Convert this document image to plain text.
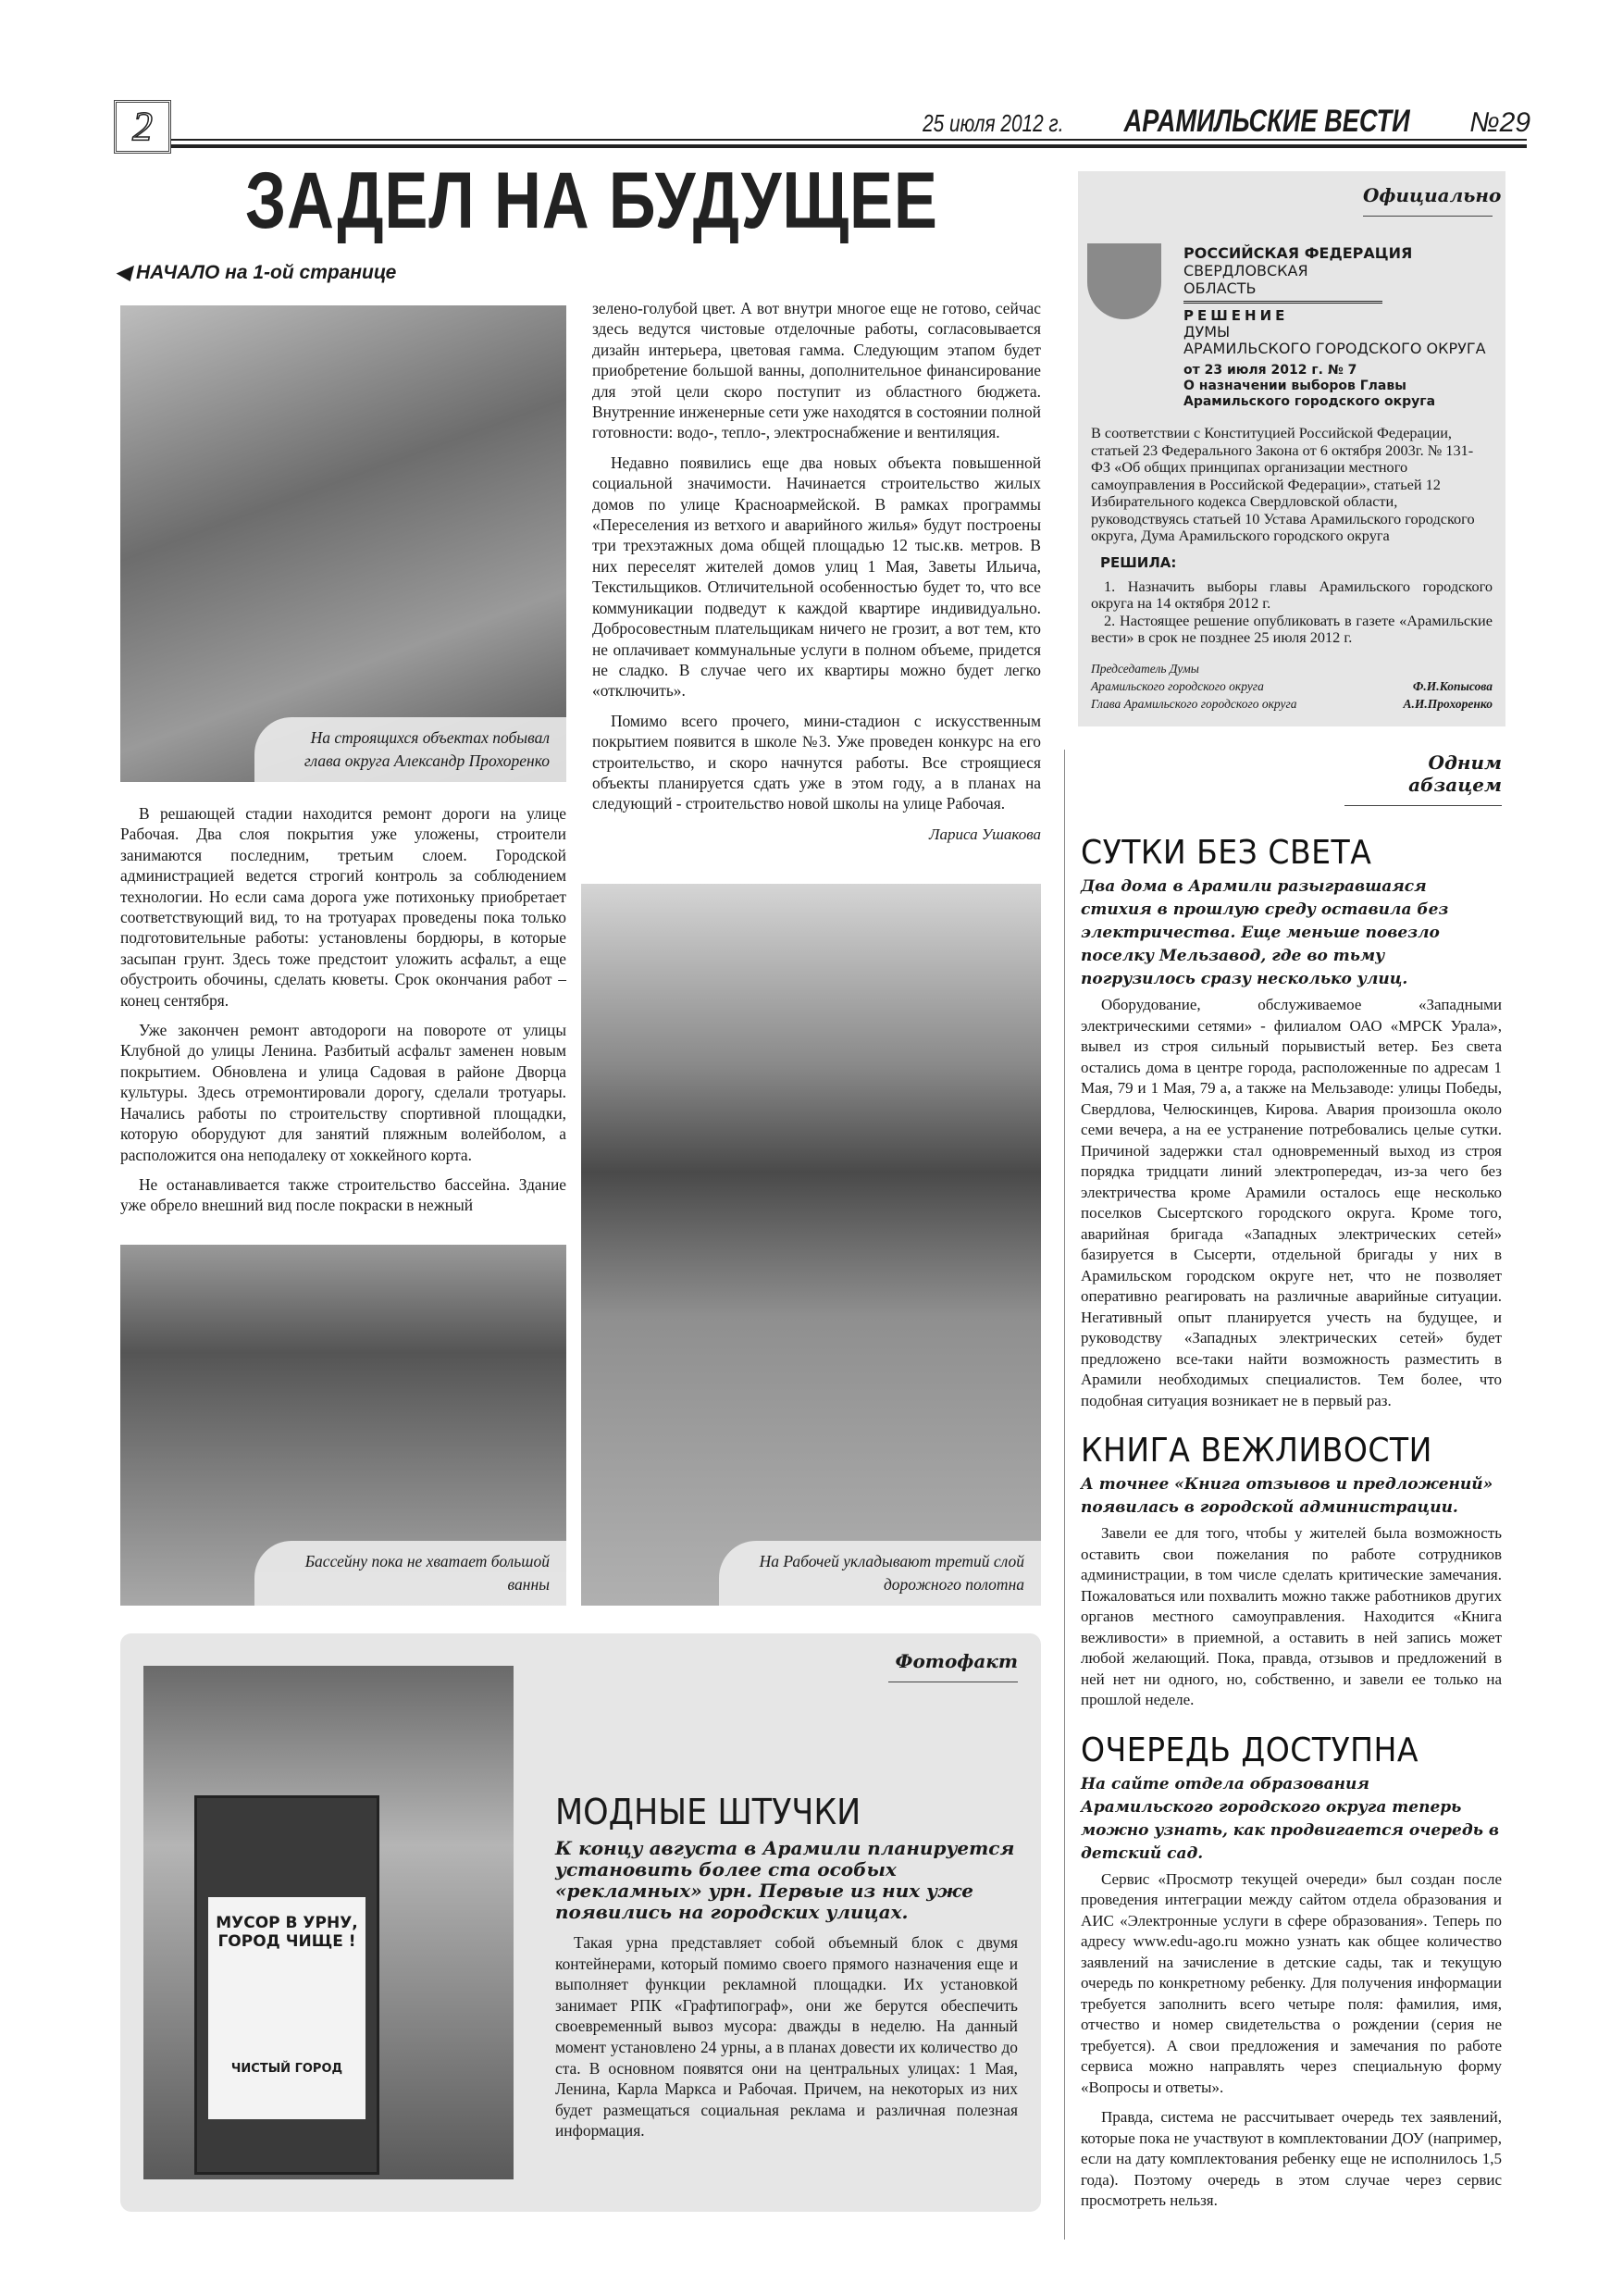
2	25 июля 2012 г. АРАМИЛЬСКИЕ ВЕСТИ №29
ЗАДЕЛ НА БУДУЩЕЕ
◀ НАЧАЛО на 1-ой странице
На строящихся объектах побывал глава округа Александр Прохоренко

В решающей стадии находится ремонт дороги на улице Рабочая. Два слоя покрытия уже уложены, строители занимаются последним, третьим слоем. Городской администрацией ведется строгий контроль за соблюдением технологии. Но если сама дорога уже потихоньку приобретает соответствующий вид, то на тротуарах проведены пока только подготовительные работы: установлены бордюры, в которые засыпан грунт. Здесь тоже предстоит уложить асфальт, а еще обустроить обочины, сделать кюветы. Срок окончания работ – конец сентября.

Уже закончен ремонт автодороги на повороте от улицы Клубной до улицы Ленина. Разбитый асфальт заменен новым покрытием. Обновлена и улица Садовая в районе Дворца культуры. Здесь отремонтировали дорогу, сделали тротуары. Начались работы по строительству спортивной площадки, которую оборудуют для занятий пляжным волейболом, а расположится она неподалеку от хоккейного корта.

Не останавливается также строительство бассейна. Здание уже обрело внешний вид после покраски в нежный

зелено-голубой цвет. А вот внутри многое еще не готово, сейчас здесь ведутся чистовые отделочные работы, согласовывается дизайн интерьера, цветовая гамма. Следующим этапом будет приобретение большой ванны, дополнительное финансирование для этой цели скоро поступит из областного бюджета. Внутренние инженерные сети уже находятся в состоянии полной готовности: водо-, тепло-, электроснабжение и вентиляция.

Недавно появились еще два новых объекта повышенной социальной значимости. Начинается строительство жилых домов по улице Красноармейской. В рамках программы «Переселения из ветхого и аварийного жилья» будут построены три трехэтажных дома общей площадью 12 тыс.кв. метров. В них переселят жителей домов улиц 1 Мая, Заветы Ильича, Текстильщиков. Отличительной особенностью будет то, что все коммуникации подведут к каждой квартире индивидуально. Добросовестным плательщикам ничего не грозит, а вот тем, кто не оплачивает коммунальные услуги в полном объеме, придется не сладко. В случае чего их квартиры можно будет легко «отключить».

Помимо всего прочего, мини-стадион с искусственным покрытием появится в школе №3. Уже проведен конкурс на его строительство, и скоро начнутся работы. Все строящиеся объекты планируется сдать уже в этом году, а в планах на следующий - строительство новой школы на улице Рабочая.

Лариса Ушакова
Бассейну пока не хватает большой ванны
На Рабочей укладывают третий слой дорожного полотна
Фотофакт
МОДНЫЕ ШТУЧКИ
К концу августа в Арамили планируется установить более ста особых «рекламных» урн. Первые из них уже появились на городских улицах.

Такая урна представляет собой объемный блок с двумя контейнерами, который помимо своего прямого назначения еще и выполняет функции рекламной площадки. Их установкой занимает РПК «Графтипограф», они же берутся обеспечить своевременный вывоз мусора: дважды в неделю. На данный момент установлено 24 урны, а в планах довести их количество до ста. В основном появятся они на центральных улицах: 1 Мая, Ленина, Карла Маркса и Рабочая. Причем, на некоторых из них будет размещаться социальная реклама и различная полезная информация.

МУСОР В УРНУ, ГОРОД ЧИЩЕ !
ЧИСТЫЙ ГОРОД
Официально
РОССИЙСКАЯ ФЕДЕРАЦИЯ
СВЕРДЛОВСКАЯ ОБЛАСТЬ
РЕШЕНИЕ
ДУМЫ
АРАМИЛЬСКОГО ГОРОДСКОГО ОКРУГА
от 23 июля 2012 г. № 7
О назначении выборов Главы Арамильского городского округа

В соответствии с Конституцией Российской Федерации, статьей 23 Федерального Закона от 6 октября 2003г. № 131-ФЗ «Об общих принципах организации местного самоуправления в Российской Федерации», статьей 12 Избирательного кодекса Свердловской области, руководствуясь статьей 10 Устава Арамильского городского округа, Дума Арамильского городского округа

РЕШИЛА:

1. Назначить выборы главы Арамильского городского округа на 14 октября 2012 г.

2. Настоящее решение опубликовать в газете «Арамильские вести» в срок не позднее 25 июля 2012 г.

Председатель Думы
Арамильского городского округа	Ф.И.Копысова
Глава Арамильского городского округа	А.И.Прохоренко
Одним абзацем
СУТКИ БЕЗ СВЕТА
Два дома в Арамили разыгравшаяся стихия в прошлую среду оставила без электричества. Еще меньше повезло поселку Мельзавод, где во тьму погрузилось сразу несколько улиц.

Оборудование, обслуживаемое «Западными электрическими сетями» - филиалом ОАО «МРСК Урала», вывел из строя сильный порывистый ветер. Без света остались дома в центре города, расположенные по адресам 1 Мая, 79 и 1 Мая, 79 а, а также на Мельзаводе: улицы Победы, Свердлова, Челюскинцев, Кирова. Авария произошла около семи вечера, а на ее устранение потребовались целые сутки. Причиной задержки стал одновременный выход из строя порядка тридцати линий электропередач, из-за чего без электричества кроме Арамили осталось еще несколько поселков Сысертского городского округа. Кроме того, аварийная бригада «Западных электрических сетей» базируется в Сысерти, отдельной бригады у них в Арамильском городском округе нет, что не позволяет оперативно реагировать на различные аварийные ситуации. Негативный опыт планируется учесть на будущее, и руководству «Западных электрических сетей» будет предложено все-таки найти возможность разместить в Арамили необходимых специалистов. Тем более, что подобная ситуация возникает не в первый раз.

КНИГА ВЕЖЛИВОСТИ
А точнее «Книга отзывов и предложений» появилась в городской администрации.

Завели ее для того, чтобы у жителей была возможность оставить свои пожелания по работе сотрудников администрации, в том числе сделать критические замечания. Пожаловаться или похвалить можно также работников других органов местного самоуправления. Находится «Книга вежливости» в приемной, а оставить в ней запись может любой желающий. Пока, правда, отзывов и предложений в ней нет ни одного, но, собственно, и завели ее только на прошлой неделе.

ОЧЕРЕДЬ ДОСТУПНА
На сайте отдела образования Арамильского городского округа теперь можно узнать, как продвигается очередь в детский сад.

Сервис «Просмотр текущей очереди» был создан после проведения интеграции между сайтом отдела образования и АИС «Электронные услуги в сфере образования». Теперь по адресу www.edu-ago.ru можно узнать как общее количество заявлений на зачисление в детские сады, так и текущую очередь по конкретному ребенку. Для получения информации требуется заполнить всего четыре поля: фамилия, имя, отчество и номер свидетельства о рождении (серия не требуется). А свои предложения и замечания по работе сервиса можно направлять через специальную форму «Вопросы и ответы».

Правда, система не рассчитывает очередь тех заявлений, которые пока не участвуют в комплектовании ДОУ (например, если на дату комплектования ребенку еще не исполнилось 1,5 года). Поэтому очередь в этом случае через сервис просмотреть нельзя.
